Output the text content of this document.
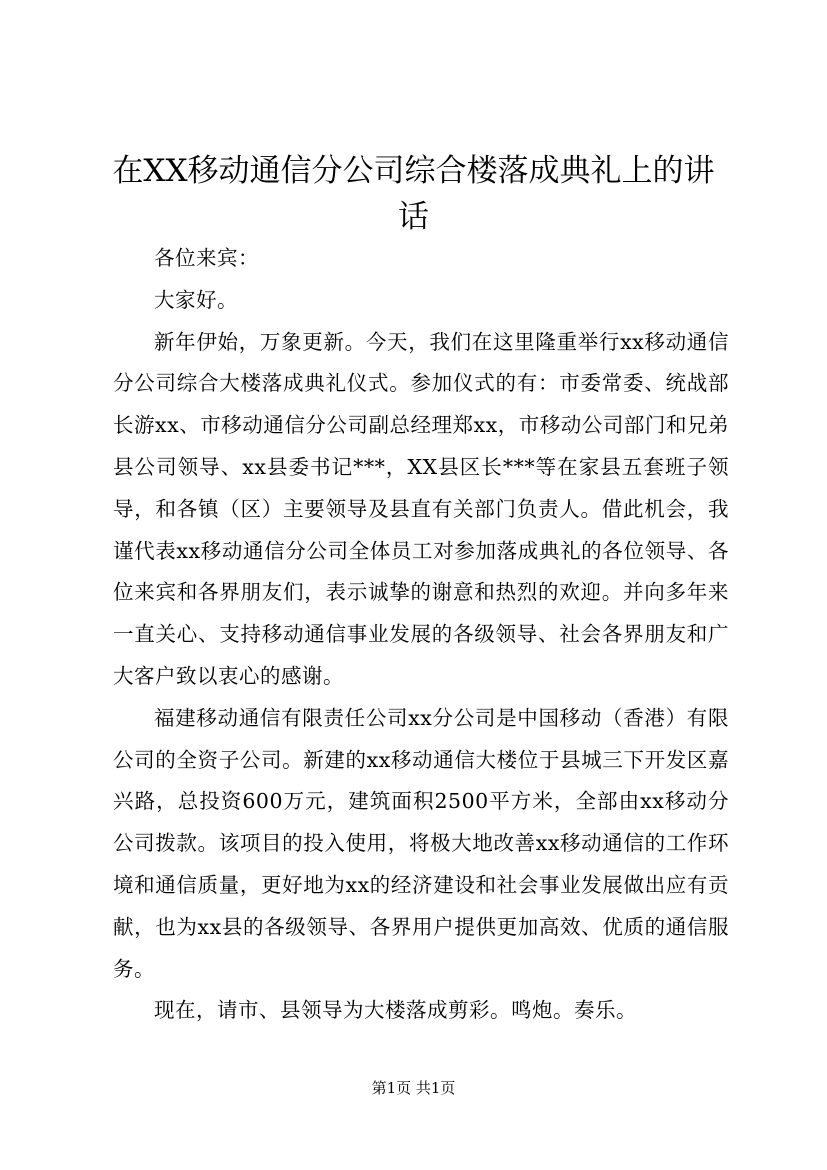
在XX移动通信分公司综合楼落成典礼上的讲话

各位来宾：

大家好。

新年伊始，万象更新。今天，我们在这里隆重举行xx移动通信分公司综合大楼落成典礼仪式。参加仪式的有：市委常委、统战部长游xx、市移动通信分公司副总经理郑xx，市移动公司部门和兄弟县公司领导、xx县委书记***，XX县区长***等在家县五套班子领导，和各镇（区）主要领导及县直有关部门负责人。借此机会，我谨代表xx移动通信分公司全体员工对参加落成典礼的各位领导、各位来宾和各界朋友们，表示诚挚的谢意和热烈的欢迎。并向多年来一直关心、支持移动通信事业发展的各级领导、社会各界朋友和广大客户致以衷心的感谢。

福建移动通信有限责任公司xx分公司是中国移动（香港）有限公司的全资子公司。新建的xx移动通信大楼位于县城三下开发区嘉兴路，总投资600万元，建筑面积2500平方米，全部由xx移动分公司拨款。该项目的投入使用，将极大地改善xx移动通信的工作环境和通信质量，更好地为xx的经济建设和社会事业发展做出应有贡献，也为xx县的各级领导、各界用户提供更加高效、优质的通信服务。

现在，请市、县领导为大楼落成剪彩。鸣炮。奏乐。

第1页 共1页
